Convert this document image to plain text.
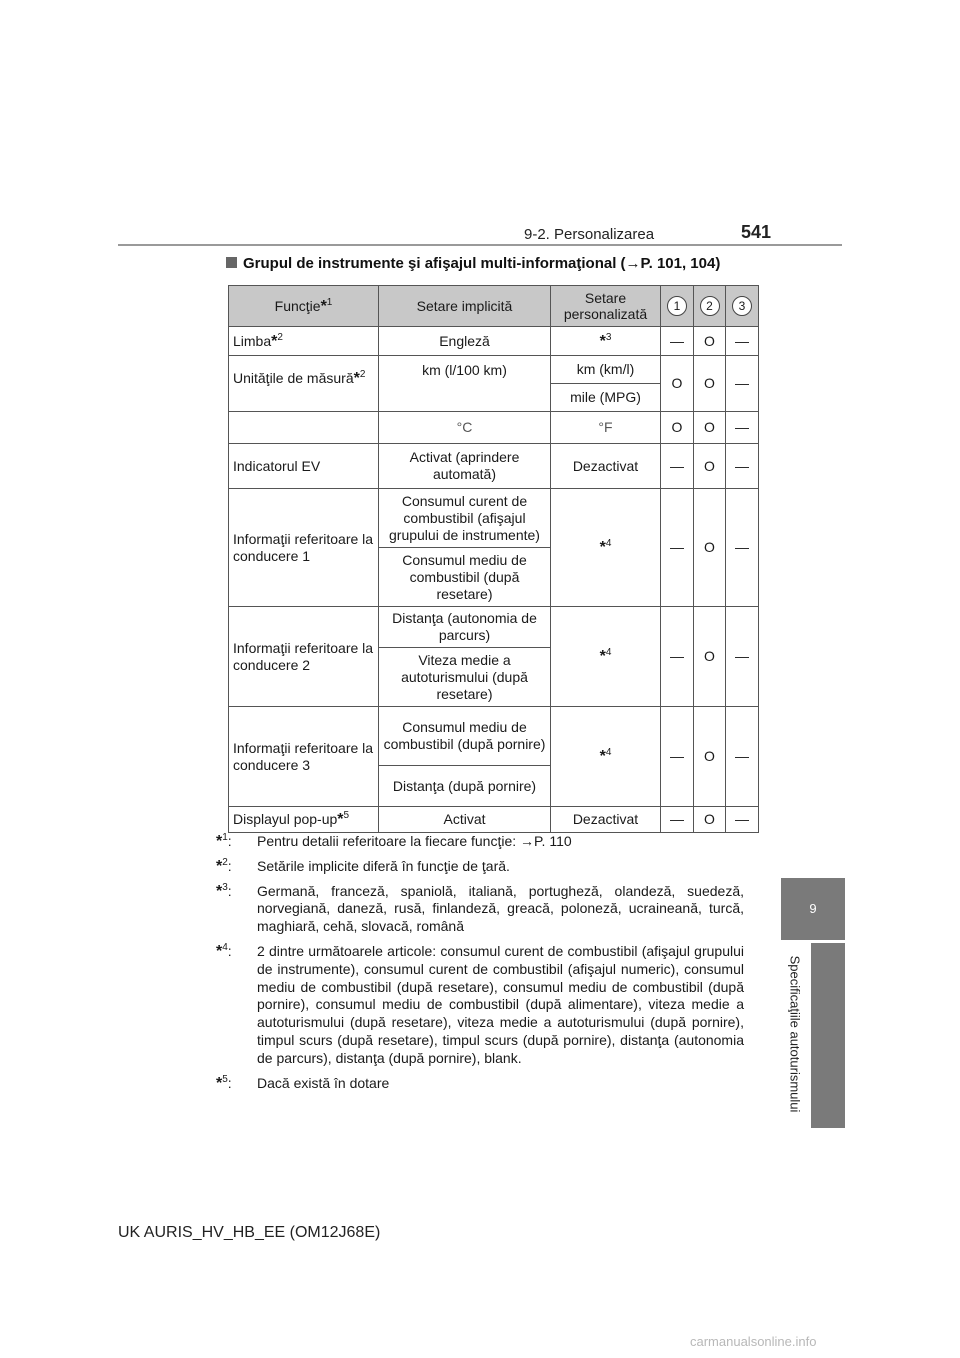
9-2. Personalizarea	541
Grupul de instrumente şi afişajul multi-informaţional (→P. 101, 104)
Funcţie*$^1$	Setare implicită	Setare personalizată	1	2	3
Limba*$^2$	Engleză	*$^3$	—	O	—
Unităţile de măsură*$^2$	km (l/100 km)	km (km/l)	O	O	—
		mile (MPG)			
	°C	°F	O	O	—
Indicatorul EV	Activat (aprindere automată)	Dezactivat	—	O	—
Informaţii referitoare la conducere 1	Consumul curent de combustibil (afişajul grupului de instrumente)	*$^4$	—	O	—
	Consumul mediu de combustibil (după resetare)				
Informaţii referitoare la conducere 2	Distanţa (autonomia de parcurs)	*$^4$	—	O	—
	Viteza medie a autoturismului (după resetare)				
Informaţii referitoare la conducere 3	Consumul mediu de combustibil (după pornire)	*$^4$	—	O	—
	Distanţa (după pornire)				
Displayul pop-up*$^5$	Activat	Dezactivat	—	O	—
*$^1$: Pentru detalii referitoare la fiecare funcţie: →P. 110
*$^2$: Setările implicite diferă în funcţie de ţară.
*$^3$: Germană, franceză, spaniolă, italiană, portugheză, olandeză, suedeză, norvegiană, daneză, rusă, finlandeză, greacă, poloneză, ucraineană, turcă, maghiară, cehă, slovacă, română
*$^4$: 2 dintre următoarele articole: consumul curent de combustibil (afişajul grupului de instrumente), consumul curent de combustibil (afişajul numeric), consumul mediu de combustibil (după resetare), consumul mediu de combustibil (după pornire), consumul mediu de combustibil (după alimentare), viteza medie a autoturismului (după resetare), viteza medie a autoturismului (după pornire), timpul scurs (după resetare), timpul scurs (după pornire), distanţa (autonomia de parcurs), distanţa (după pornire), blank.
*$^5$: Dacă există în dotare
9
Specificaţiile autoturismului
UK AURIS_HV_HB_EE (OM12J68E)
carmanualsonline.info
